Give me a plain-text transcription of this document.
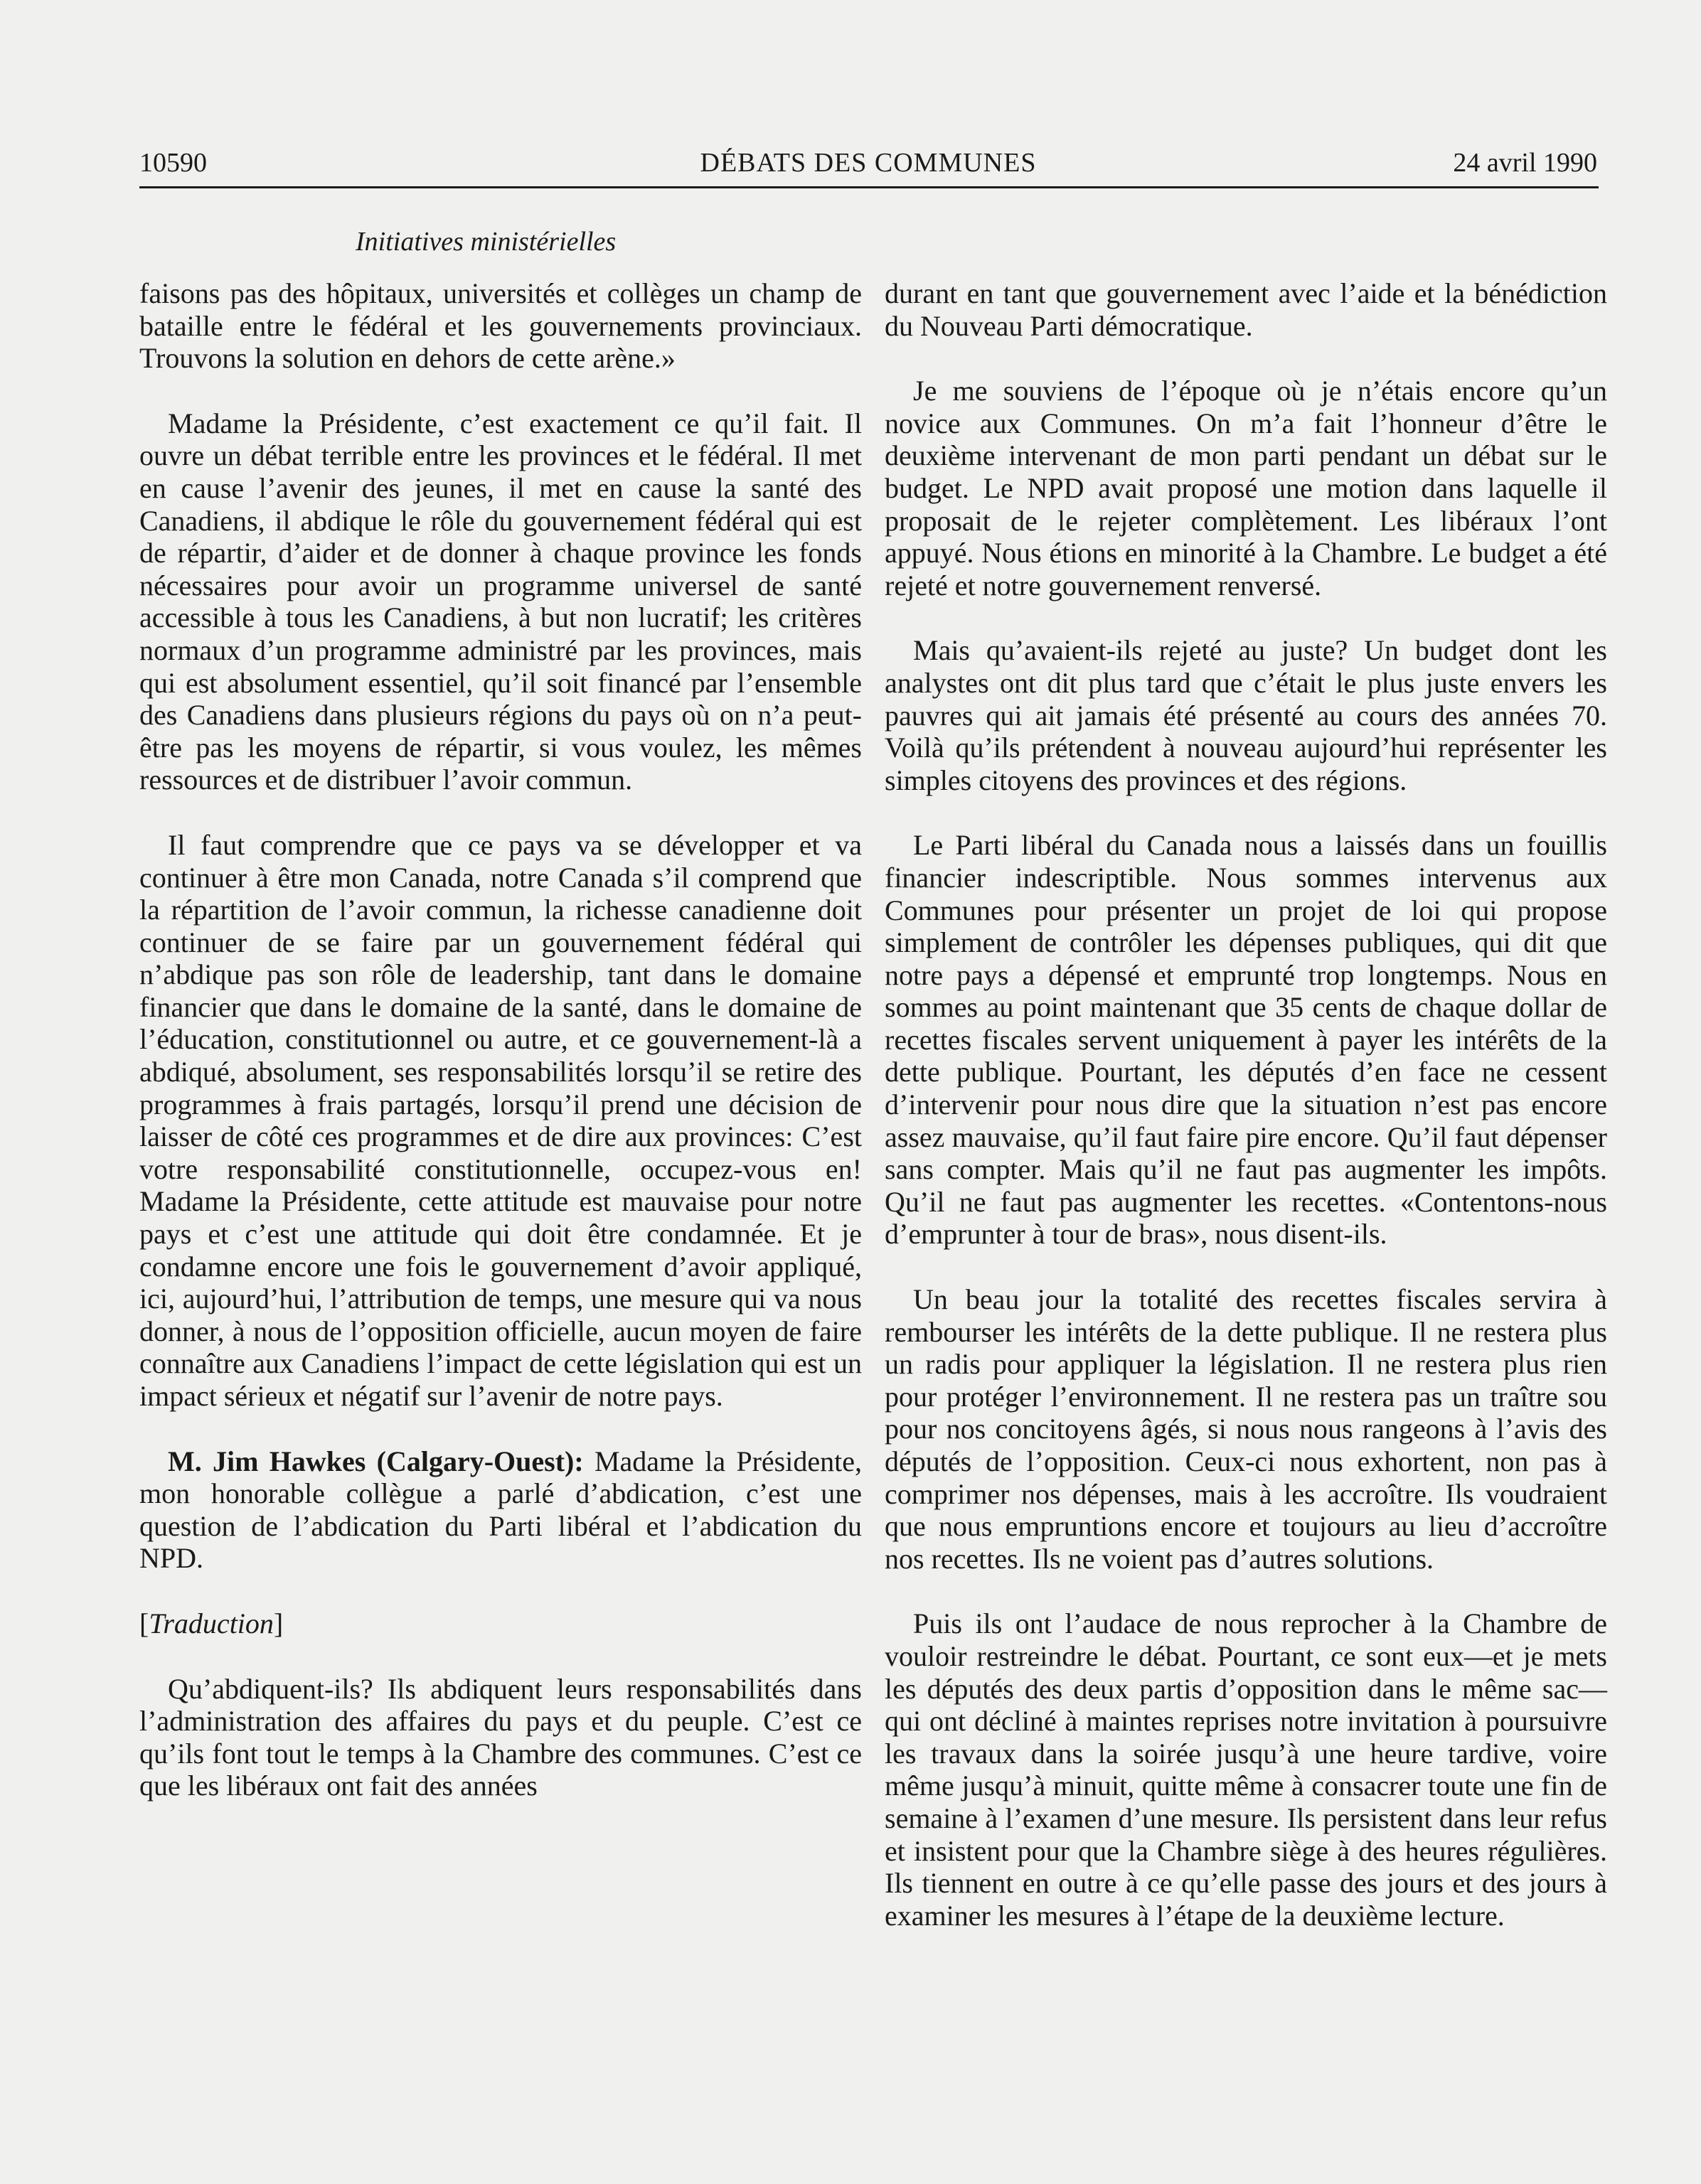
10590	DÉBATS DES COMMUNES	24 avril 1990
Initiatives ministérielles

faisons pas des hôpitaux, universités et collèges un champ de bataille entre le fédéral et les gouvernements provinciaux. Trouvons la solution en dehors de cette arène.»

Madame la Présidente, c’est exactement ce qu’il fait. Il ouvre un débat terrible entre les provinces et le fédéral. Il met en cause l’avenir des jeunes, il met en cause la santé des Canadiens, il abdique le rôle du gouvernement fédéral qui est de répartir, d’aider et de donner à chaque province les fonds nécessaires pour avoir un programme universel de santé accessible à tous les Canadiens, à but non lucratif; les critères normaux d’un programme administré par les provinces, mais qui est absolument essentiel, qu’il soit financé par l’ensemble des Canadiens dans plusieurs régions du pays où on n’a peut-être pas les moyens de répartir, si vous voulez, les mêmes ressources et de distribuer l’avoir commun.

Il faut comprendre que ce pays va se développer et va continuer à être mon Canada, notre Canada s’il comprend que la répartition de l’avoir commun, la richesse canadienne doit continuer de se faire par un gouvernement fédéral qui n’abdique pas son rôle de leadership, tant dans le domaine financier que dans le domaine de la santé, dans le domaine de l’éducation, constitutionnel ou autre, et ce gouvernement-là a abdiqué, absolument, ses responsabilités lorsqu’il se retire des programmes à frais partagés, lorsqu’il prend une décision de laisser de côté ces programmes et de dire aux provinces: C’est votre responsabilité constitutionnelle, occupez-vous en! Madame la Présidente, cette attitude est mauvaise pour notre pays et c’est une attitude qui doit être condamnée. Et je condamne encore une fois le gouvernement d’avoir appliqué, ici, aujourd’hui, l’attribution de temps, une mesure qui va nous donner, à nous de l’opposition officielle, aucun moyen de faire connaître aux Canadiens l’impact de cette législation qui est un impact sérieux et négatif sur l’avenir de notre pays.

M. Jim Hawkes (Calgary-Ouest): Madame la Présidente, mon honorable collègue a parlé d’abdication, c’est une question de l’abdication du Parti libéral et l’abdication du NPD.

[Traduction]

Qu’abdiquent-ils? Ils abdiquent leurs responsabilités dans l’administration des affaires du pays et du peuple. C’est ce qu’ils font tout le temps à la Chambre des communes. C’est ce que les libéraux ont fait des années

durant en tant que gouvernement avec l’aide et la bénédiction du Nouveau Parti démocratique.

Je me souviens de l’époque où je n’étais encore qu’un novice aux Communes. On m’a fait l’honneur d’être le deuxième intervenant de mon parti pendant un débat sur le budget. Le NPD avait proposé une motion dans laquelle il proposait de le rejeter complètement. Les libéraux l’ont appuyé. Nous étions en minorité à la Chambre. Le budget a été rejeté et notre gouvernement renversé.

Mais qu’avaient-ils rejeté au juste? Un budget dont les analystes ont dit plus tard que c’était le plus juste envers les pauvres qui ait jamais été présenté au cours des années 70. Voilà qu’ils prétendent à nouveau aujourd’hui représenter les simples citoyens des provinces et des régions.

Le Parti libéral du Canada nous a laissés dans un fouillis financier indescriptible. Nous sommes intervenus aux Communes pour présenter un projet de loi qui propose simplement de contrôler les dépenses publiques, qui dit que notre pays a dépensé et emprunté trop longtemps. Nous en sommes au point maintenant que 35 cents de chaque dollar de recettes fiscales servent uniquement à payer les intérêts de la dette publique. Pourtant, les députés d’en face ne cessent d’intervenir pour nous dire que la situation n’est pas encore assez mauvaise, qu’il faut faire pire encore. Qu’il faut dépenser sans compter. Mais qu’il ne faut pas augmenter les impôts. Qu’il ne faut pas augmenter les recettes. «Contentons-nous d’emprunter à tour de bras», nous disent-ils.

Un beau jour la totalité des recettes fiscales servira à rembourser les intérêts de la dette publique. Il ne restera plus un radis pour appliquer la législation. Il ne restera plus rien pour protéger l’environnement. Il ne restera pas un traître sou pour nos concitoyens âgés, si nous nous rangeons à l’avis des députés de l’opposition. Ceux-ci nous exhortent, non pas à comprimer nos dépenses, mais à les accroître. Ils voudraient que nous empruntions encore et toujours au lieu d’accroître nos recettes. Ils ne voient pas d’autres solutions.

Puis ils ont l’audace de nous reprocher à la Chambre de vouloir restreindre le débat. Pourtant, ce sont eux—et je mets les députés des deux partis d’opposition dans le même sac—qui ont décliné à maintes reprises notre invitation à poursuivre les travaux dans la soirée jusqu’à une heure tardive, voire même jusqu’à minuit, quitte même à consacrer toute une fin de semaine à l’examen d’une mesure. Ils persistent dans leur refus et insistent pour que la Chambre siège à des heures régulières. Ils tiennent en outre à ce qu’elle passe des jours et des jours à examiner les mesures à l’étape de la deuxième lecture.
